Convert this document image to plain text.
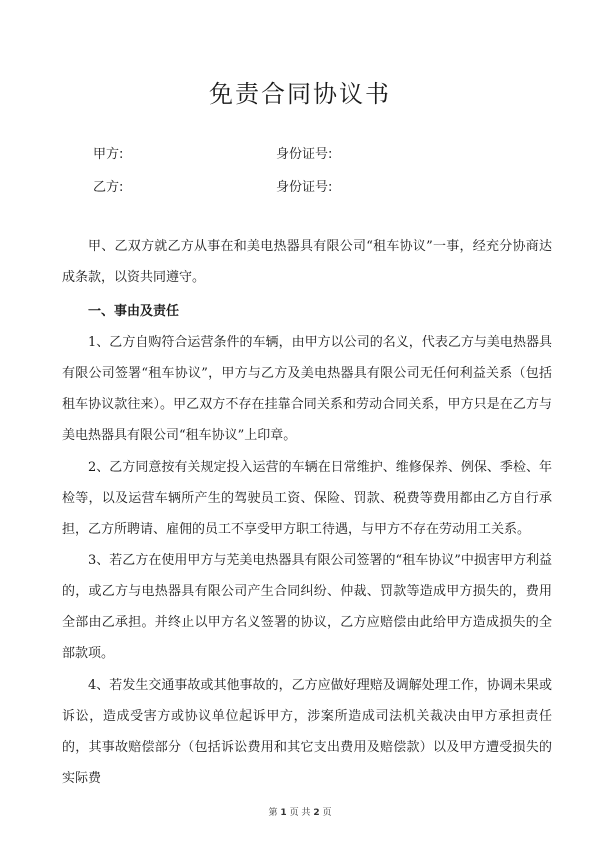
免责合同协议书
甲方:	身份证号:
乙方:	身份证号:

甲、乙双方就乙方从事在和美电热器具有限公司“租车协议”一事，经充分协商达成条款，以资共同遵守。

一、事由及责任

1、乙方自购符合运营条件的车辆，由甲方以公司的名义，代表乙方与美电热器具有限公司签署“租车协议”，甲方与乙方及美电热器具有限公司无任何利益关系（包括租车协议款往来）。甲乙双方不存在挂靠合同关系和劳动合同关系，甲方只是在乙方与美电热器具有限公司“租车协议”上印章。

2、乙方同意按有关规定投入运营的车辆在日常维护、维修保养、例保、季检、年检等，以及运营车辆所产生的驾驶员工资、保险、罚款、税费等费用都由乙方自行承担，乙方所聘请、雇佣的员工不享受甲方职工待遇，与甲方不存在劳动用工关系。

3、若乙方在使用甲方与芜美电热器具有限公司签署的“租车协议”中损害甲方利益的，或乙方与电热器具有限公司产生合同纠纷、仲裁、罚款等造成甲方损失的，费用全部由乙承担。并终止以甲方名义签署的协议，乙方应赔偿由此给甲方造成损失的全部款项。

4、若发生交通事故或其他事故的，乙方应做好理赔及调解处理工作，协调未果或诉讼，造成受害方或协议单位起诉甲方，涉案所造成司法机关裁决由甲方承担责任的，其事故赔偿部分（包括诉讼费用和其它支出费用及赔偿款）以及甲方遭受损失的实际费

第 1 页 共 2 页
